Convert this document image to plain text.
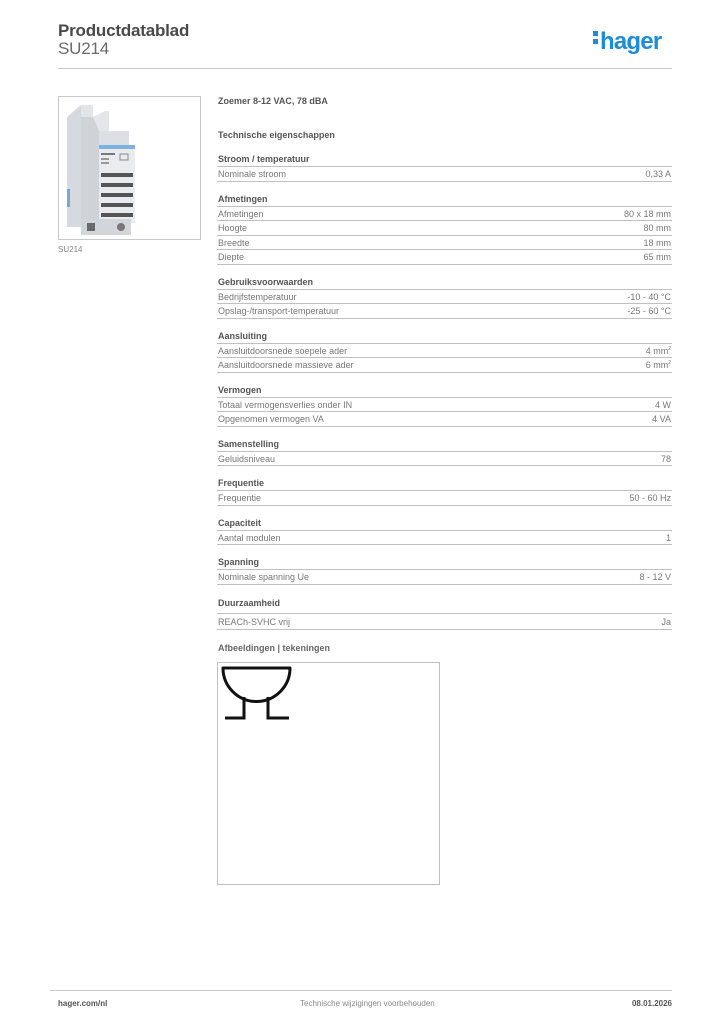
Productdatablad
SU214	hager
SU214
Zoemer 8-12 VAC, 78 dBA
Technische eigenschappen
Stroom / temperatuur
Nominale stroom	0,33 A
Afmetingen
Afmetingen	80 x 18 mm
Hoogte	80 mm
Breedte	18 mm
Diepte	65 mm
Gebruiksvoorwaarden
Bedrijfstemperatuur	-10 - 40 °C
Opslag-/transport-temperatuur	-25 - 60 °C
Aansluiting
Aansluitdoorsnede soepele ader	4 $mm^2$
Aansluitdoorsnede massieve ader	6 $mm^2$
Vermogen
Totaal vermogensverlies onder IN	4 W
Opgenomen vermogen VA	4 VA
Samenstelling
Geluidsniveau	78
Frequentie
Frequentie	50 - 60 Hz
Capaciteit
Aantal modulen	1
Spanning
Nominale spanning Ue	8 - 12 V
Duurzaamheid
REACh-SVHC vrij	Ja
Afbeeldingen | tekeningen
hager.com/nl	Technische wijzigingen voorbehouden	08.01.2026
